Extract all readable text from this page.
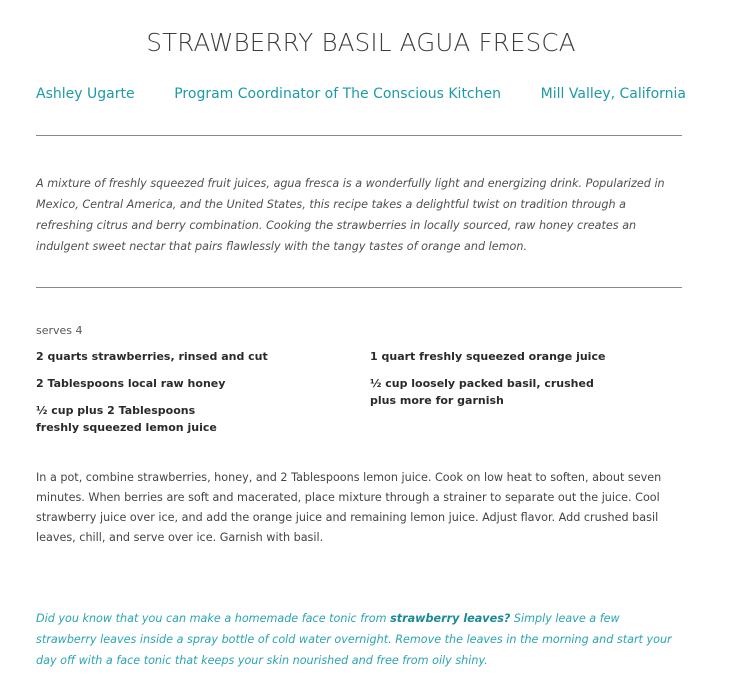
STRAWBERRY BASIL AGUA FRESCA
Ashley Ugarte	Program Coordinator of The Conscious Kitchen	Mill Valley, California
A mixture of freshly squeezed fruit juices, agua fresca is a wonderfully light and energizing drink. Popularized in Mexico, Central America, and the United States, this recipe takes a delightful twist on tradition through a refreshing citrus and berry combination. Cooking the strawberries in locally sourced, raw honey creates an indulgent sweet nectar that pairs flawlessly with the tangy tastes of orange and lemon.
serves 4
2 quarts strawberries, rinsed and cut
2 Tablespoons local raw honey
½ cup plus 2 Tablespoons freshly squeezed lemon juice
1 quart freshly squeezed orange juice
½ cup loosely packed basil, crushed plus more for garnish
In a pot, combine strawberries, honey, and 2 Tablespoons lemon juice. Cook on low heat to soften, about seven minutes. When berries are soft and macerated, place mixture through a strainer to separate out the juice. Cool strawberry juice over ice, and add the orange juice and remaining lemon juice. Adjust flavor. Add crushed basil leaves, chill, and serve over ice. Garnish with basil.
Did you know that you can make a homemade face tonic from strawberry leaves? Simply leave a few strawberry leaves inside a spray bottle of cold water overnight. Remove the leaves in the morning and start your day off with a face tonic that keeps your skin nourished and free from oily shiny.
